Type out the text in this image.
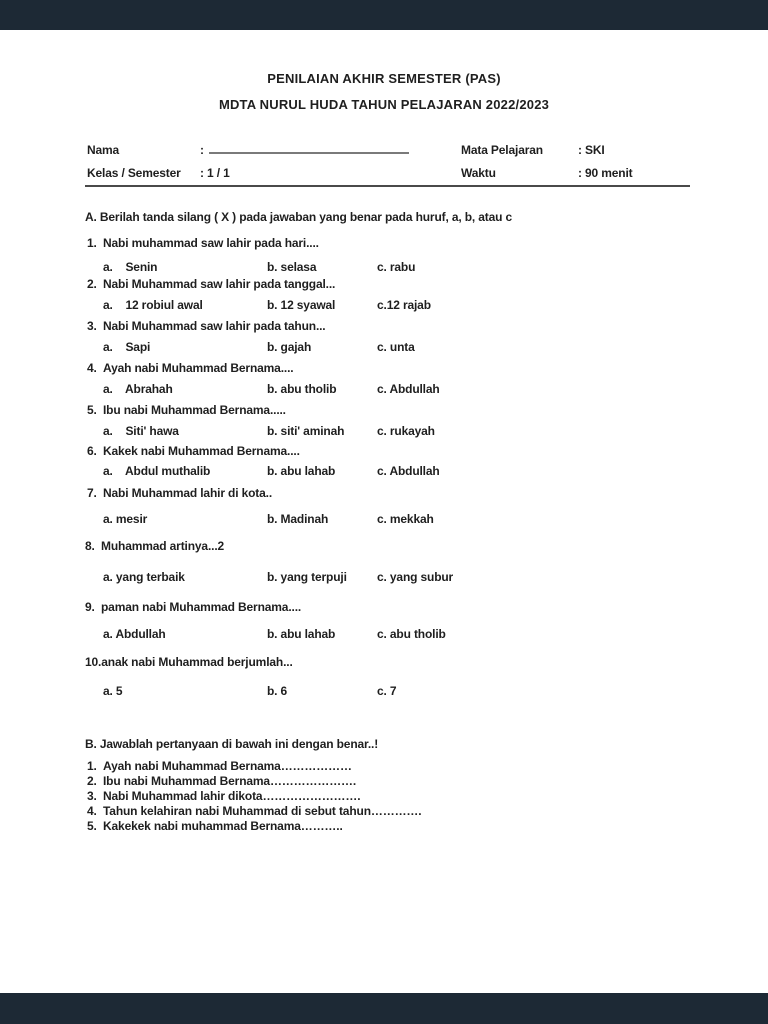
PENILAIAN AKHIR SEMESTER (PAS)
MDTA NURUL HUDA TAHUN PELAJARAN 2022/2023
Nama	:	Mata Pelajaran	: SKI
Kelas / Semester	: 1 / 1	Waktu	: 90 menit
A. Berilah tanda silang ( X ) pada jawaban yang benar pada huruf, a, b, atau c
1. Nabi muhammad saw lahir pada hari....
a.    Senin	b. selasa	c. rabu
2. Nabi Muhammad saw lahir pada tanggal...
a.    12 robiul awal	b. 12 syawal	c.12 rajab
3. Nabi Muhammad saw lahir pada tahun...
a.    Sapi	b. gajah	c. unta
4. Ayah nabi Muhammad Bernama....
a.    Abrahah	b. abu tholib	c. Abdullah
5. Ibu nabi Muhammad Bernama.....
a.    Siti' hawa	b. siti' aminah	c. rukayah
6. Kakek nabi Muhammad Bernama....
a.    Abdul muthalib	b. abu lahab	c. Abdullah
7. Nabi Muhammad lahir di kota..
a. mesir	b. Madinah	c. mekkah
8. Muhammad artinya...2
a. yang terbaik	b. yang terpuji	c. yang subur
9. paman nabi Muhammad Bernama....
a. Abdullah	b. abu lahab	c. abu tholib
10. anak nabi Muhammad berjumlah...
a. 5	b. 6	c. 7
B. Jawablah pertanyaan di bawah ini dengan benar..!
1. Ayah nabi Muhammad Bernama………………
2. Ibu nabi Muhammad Bernama………………….
3. Nabi Muhammad lahir dikota…………………….
4. Tahun kelahiran nabi Muhammad di sebut tahun………….
5. Kakekek nabi muhammad Bernama………..
